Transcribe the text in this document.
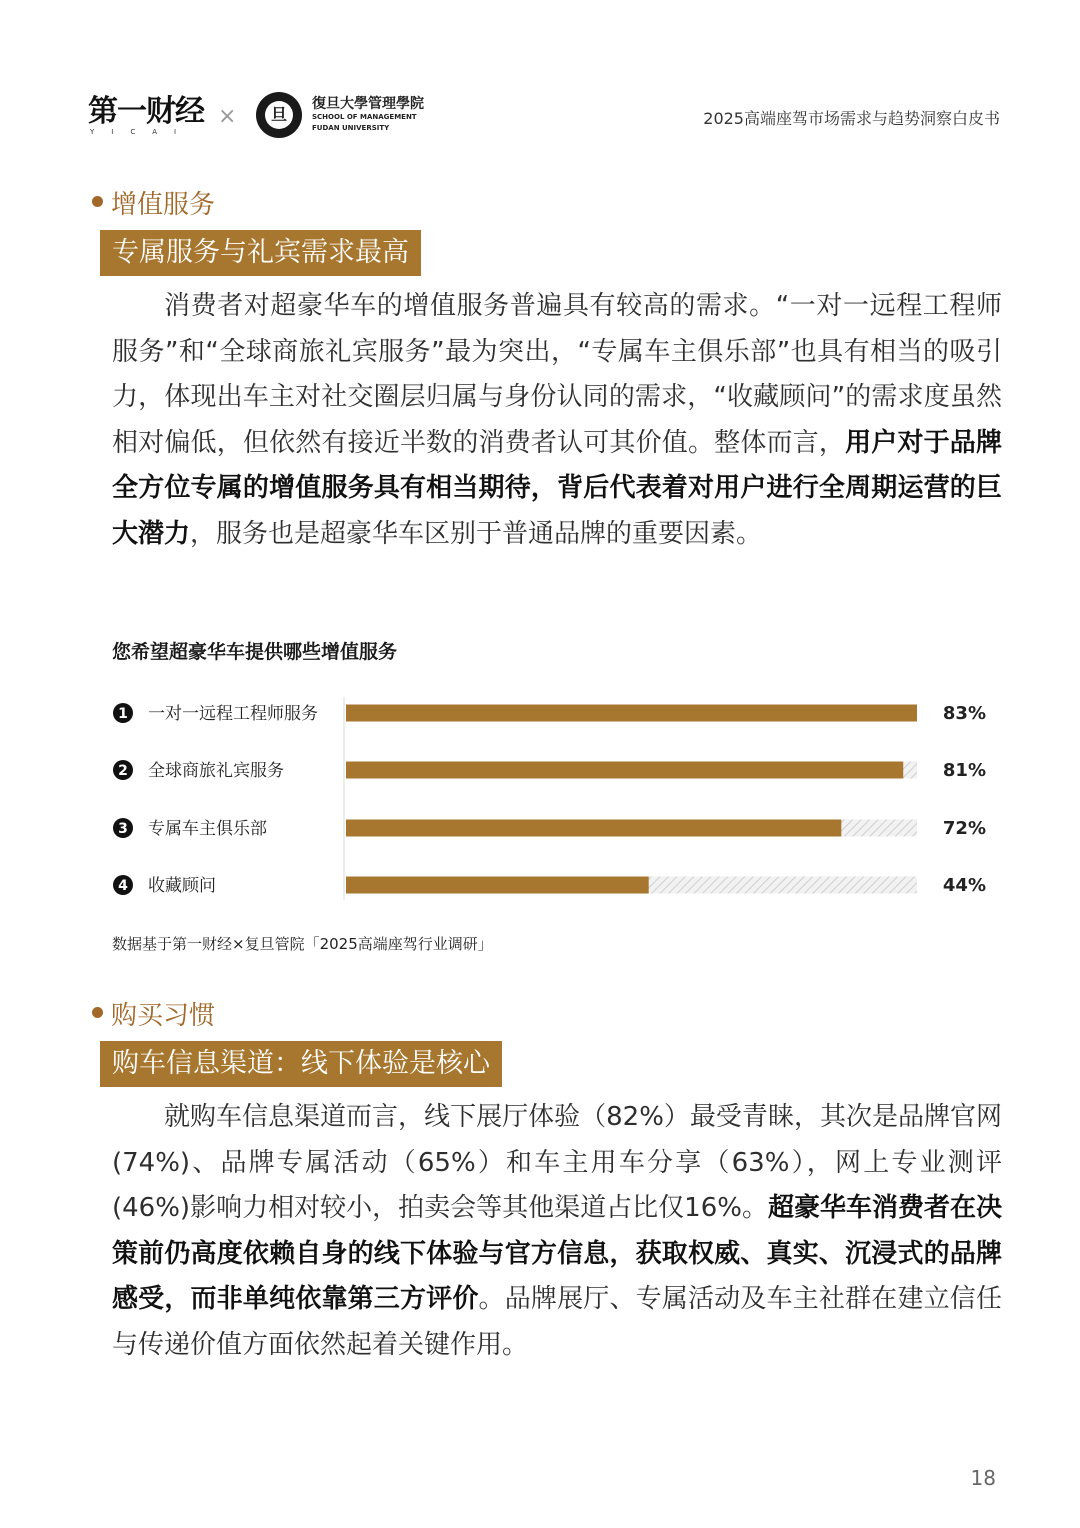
第一财经
YICAI
×	旦
復旦大學管理學院
SCHOOL OF MANAGEMENT
FUDAN UNIVERSITY	2025高端座驾市场需求与趋势洞察白皮书
增值服务
专属服务与礼宾需求最高

消费者对超豪华车的增值服务普遍具有较高的需求。“一对一远程工程师服务”和“全球商旅礼宾服务”最为突出，“专属车主俱乐部”也具有相当的吸引力，体现出车主对社交圈层归属与身份认同的需求，“收藏顾问”的需求度虽然相对偏低，但依然有接近半数的消费者认可其价值。整体而言，用户对于品牌全方位专属的增值服务具有相当期待，背后代表着对用户进行全周期运营的巨大潜力，服务也是超豪华车区别于普通品牌的重要因素。

您希望超豪华车提供哪些增值服务
1 一对一远程工程师服务	83%
2 全球商旅礼宾服务	81%
3 专属车主俱乐部	72%
4 收藏顾问	44%
数据基于第一财经×复旦管院「2025高端座驾行业调研」
购买习惯
购车信息渠道：线下体验是核心

就购车信息渠道而言，线下展厅体验（82%）最受青睐，其次是品牌官网(74%)、品牌专属活动（65%）和车主用车分享（63%），网上专业测评(46%)影响力相对较小，拍卖会等其他渠道占比仅16%。超豪华车消费者在决策前仍高度依赖自身的线下体验与官方信息，获取权威、真实、沉浸式的品牌感受，而非单纯依靠第三方评价。品牌展厅、专属活动及车主社群在建立信任与传递价值方面依然起着关键作用。

18
